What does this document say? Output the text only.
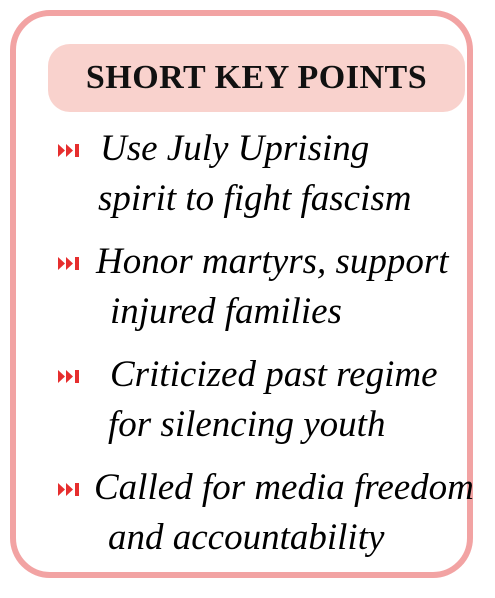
SHORT KEY POINTS
Use July Uprising
spirit to fight fascism
Honor martyrs, support
injured families
Criticized past regime
for silencing youth
Called for media freedom
and accountability
